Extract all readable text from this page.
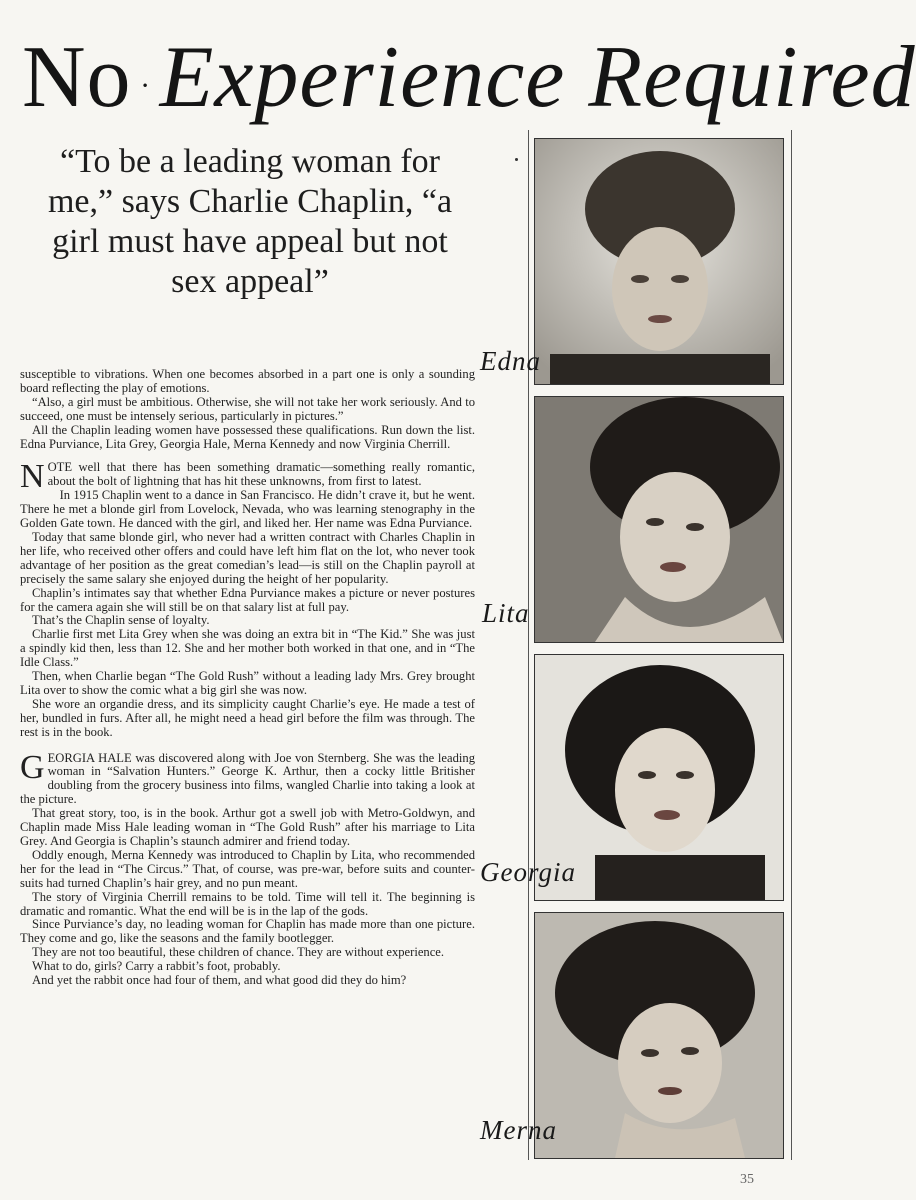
No · Experience Required
“To be a leading woman for me,” says Charlie Chaplin, “a girl must have appeal but not sex appeal”

susceptible to vibrations. When one becomes absorbed in a part one is only a sounding board reflecting the play of emotions.

“Also, a girl must be ambitious. Otherwise, she will not take her work seriously. And to succeed, one must be intensely serious, particularly in pictures.”

All the Chaplin leading women have possessed these qualifications. Run down the list. Edna Purviance, Lita Grey, Georgia Hale, Merna Kennedy and now Virginia Cherrill.

NOTE well that there has been something dramatic—something really romantic, about the bolt of lightning that has hit these unknowns, from first to latest.

In 1915 Chaplin went to a dance in San Francisco. He didn’t crave it, but he went. There he met a blonde girl from Lovelock, Nevada, who was learning stenography in the Golden Gate town. He danced with the girl, and liked her. Her name was Edna Purviance.

Today that same blonde girl, who never had a written contract with Charles Chaplin in her life, who received other offers and could have left him flat on the lot, who never took advantage of her position as the great comedian’s lead—is still on the Chaplin payroll at precisely the same salary she enjoyed during the height of her popularity.

Chaplin’s intimates say that whether Edna Purviance makes a picture or never postures for the camera again she will still be on that salary list at full pay.

That’s the Chaplin sense of loyalty.

Charlie first met Lita Grey when she was doing an extra bit in “The Kid.” She was just a spindly kid then, less than 12. She and her mother both worked in that one, and in “The Idle Class.”

Then, when Charlie began “The Gold Rush” without a leading lady Mrs. Grey brought Lita over to show the comic what a big girl she was now.

She wore an organdie dress, and its simplicity caught Charlie’s eye. He made a test of her, bundled in furs. After all, he might need a head girl before the film was through. The rest is in the book.

GEORGIA HALE was discovered along with Joe von Sternberg. She was the leading woman in “Salvation Hunters.” George K. Arthur, then a cocky little Britisher doubling from the grocery business into films, wangled Charlie into taking a look at the picture.

That great story, too, is in the book. Arthur got a swell job with Metro-Goldwyn, and Chaplin made Miss Hale leading woman in “The Gold Rush” after his marriage to Lita Grey. And Georgia is Chaplin’s staunch admirer and friend today.

Oddly enough, Merna Kennedy was introduced to Chaplin by Lita, who recommended her for the lead in “The Circus.” That, of course, was pre-war, before suits and counter-suits had turned Chaplin’s hair grey, and no pun meant.

The story of Virginia Cherrill remains to be told. Time will tell it. The beginning is dramatic and romantic. What the end will be is in the lap of the gods.

Since Purviance’s day, no leading woman for Chaplin has made more than one picture. They come and go, like the seasons and the family bootlegger.

They are not too beautiful, these children of chance. They are without experience.

What to do, girls? Carry a rabbit’s foot, probably.

And yet the rabbit once had four of them, and what good did they do him?

Edna
Lita
Georgia
Merna
35
